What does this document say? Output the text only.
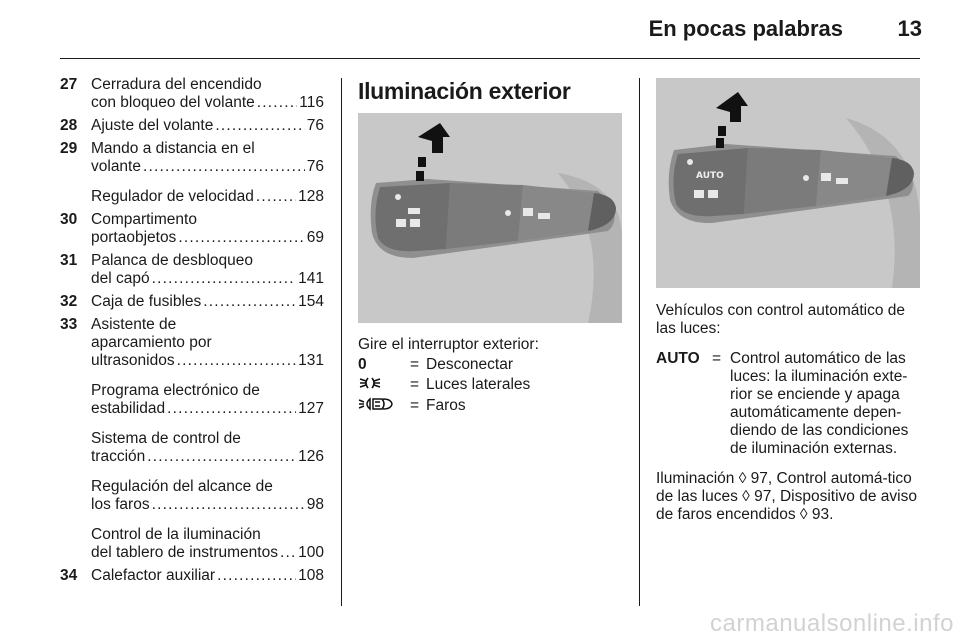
En pocas palabras 13
27 Cerradura del encendido
con bloqueo del volante .....	116
28 Ajuste del volante .....	76
29 Mando a distancia en el
volante .....	76
Regulador de velocidad .....	128
30 Compartimento
portaobjetos .....	69
31 Palanca de desbloqueo
del capó .....	141
32 Caja de fusibles .....	154
33 Asistente de
aparcamiento por
ultrasonidos .....	131
Programa electrónico de
estabilidad .....	127
Sistema de control de
tracción .....	126
Regulación del alcance de
los faros .....	98
Control de la iluminación
del tablero de instrumentos ..... 100
34 Calefactor auxiliar .....	108
Iluminación exterior
Gire el interruptor exterior:
0	= Desconectar
= Luces laterales
= Faros
AUTO

Vehículos con control automático de las luces:

AUTO = Control automático de las luces: la iluminación exte-rior se enciende y apaga automáticamente depen-diendo de las condiciones de iluminación externas.

Iluminación ◊ 97, Control automá-tico de las luces ◊ 97, Dispositivo de aviso de faros encendidos ◊ 93.

carmanualsonline.info
